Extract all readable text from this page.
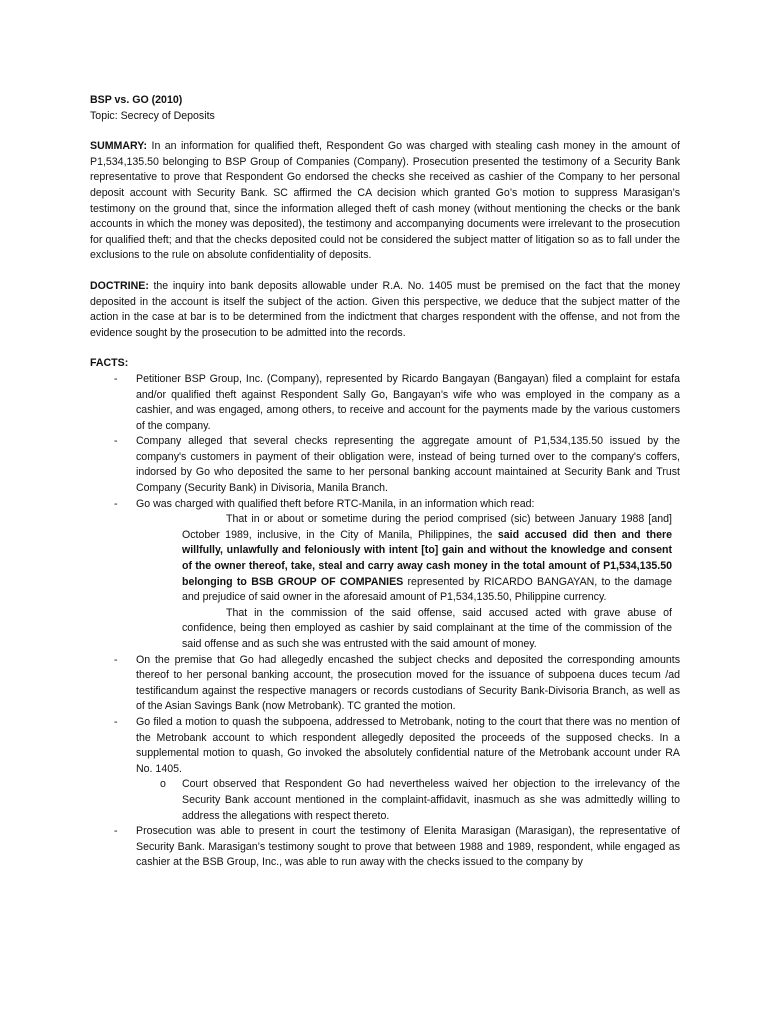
BSP vs. GO (2010)

Topic: Secrecy of Deposits

SUMMARY: In an information for qualified theft, Respondent Go was charged with stealing cash money in the amount of P1,534,135.50 belonging to BSP Group of Companies (Company). Prosecution presented the testimony of a Security Bank representative to prove that Respondent Go endorsed the checks she received as cashier of the Company to her personal deposit account with Security Bank. SC affirmed the CA decision which granted Go’s motion to suppress Marasigan’s testimony on the ground that, since the information alleged theft of cash money (without mentioning the checks or the bank accounts in which the money was deposited), the testimony and accompanying documents were irrelevant to the prosecution for qualified theft; and that the checks deposited could not be considered the subject matter of litigation so as to fall under the exclusions to the rule on absolute confidentiality of deposits.

DOCTRINE: the inquiry into bank deposits allowable under R.A. No. 1405 must be premised on the fact that the money deposited in the account is itself the subject of the action. Given this perspective, we deduce that the subject matter of the action in the case at bar is to be determined from the indictment that charges respondent with the offense, and not from the evidence sought by the prosecution to be admitted into the records.

FACTS:

- Petitioner BSP Group, Inc. (Company), represented by Ricardo Bangayan (Bangayan) filed a complaint for estafa and/or qualified theft against Respondent Sally Go, Bangayan’s wife who was employed in the company as a cashier, and was engaged, among others, to receive and account for the payments made by the various customers of the company.
- Company alleged that several checks representing the aggregate amount of P1,534,135.50 issued by the company's customers in payment of their obligation were, instead of being turned over to the company's coffers, indorsed by Go who deposited the same to her personal banking account maintained at Security Bank and Trust Company (Security Bank) in Divisoria, Manila Branch.
- Go was charged with qualified theft before RTC-Manila, in an information which read:

That in or about or sometime during the period comprised (sic) between January 1988 [and] October 1989, inclusive, in the City of Manila, Philippines, the said accused did then and there willfully, unlawfully and feloniously with intent [to] gain and without the knowledge and consent of the owner thereof, take, steal and carry away cash money in the total amount of P1,534,135.50 belonging to BSB GROUP OF COMPANIES represented by RICARDO BANGAYAN, to the damage and prejudice of said owner in the aforesaid amount of P1,534,135.50, Philippine currency.

That in the commission of the said offense, said accused acted with grave abuse of confidence, being then employed as cashier by said complainant at the time of the commission of the said offense and as such she was entrusted with the said amount of money.

- On the premise that Go had allegedly encashed the subject checks and deposited the corresponding amounts thereof to her personal banking account, the prosecution moved for the issuance of subpoena duces tecum /ad testificandum against the respective managers or records custodians of Security Bank-Divisoria Branch, as well as of the Asian Savings Bank (now Metrobank). TC granted the motion.
- Go filed a motion to quash the subpoena, addressed to Metrobank, noting to the court that there was no mention of the Metrobank account to which respondent allegedly deposited the proceeds of the supposed checks. In a supplemental motion to quash, Go invoked the absolutely confidential nature of the Metrobank account under RA No. 1405.
o Court observed that Respondent Go had nevertheless waived her objection to the irrelevancy of the Security Bank account mentioned in the complaint-affidavit, inasmuch as she was admittedly willing to address the allegations with respect thereto.
- Prosecution was able to present in court the testimony of Elenita Marasigan (Marasigan), the representative of Security Bank. Marasigan’s testimony sought to prove that between 1988 and 1989, respondent, while engaged as cashier at the BSB Group, Inc., was able to run away with the checks issued to the company by
